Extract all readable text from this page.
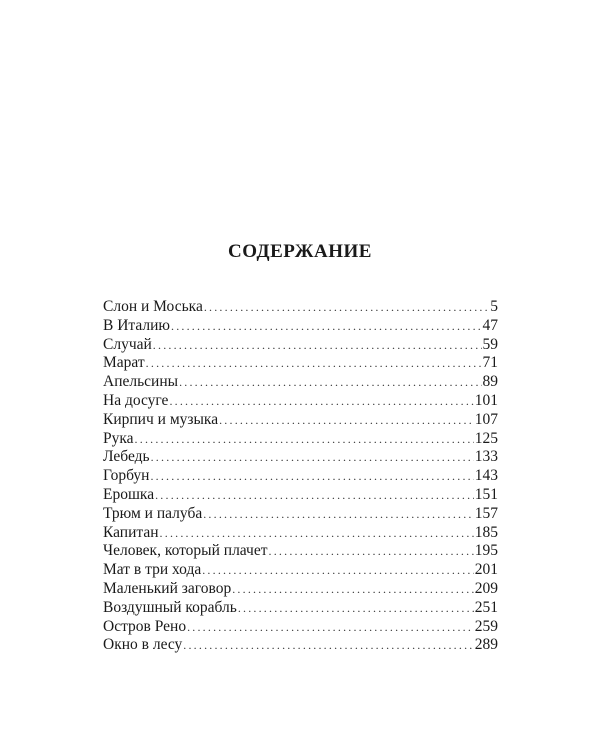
СОДЕРЖАНИЕ
Слон и Моська .....	5
В Италию .....	47
Случай .....	59
Марат .....	71
Апельсины .....	89
На досуге .....	101
Кирпич и музыка .....	107
Рука .....	125
Лебедь .....	133
Горбун .....	143
Ерошка .....	151
Трюм и палуба .....	157
Капитан .....	185
Человек, который плачет .....	195
Мат в три хода .....	201
Маленький заговор .....	209
Воздушный корабль .....	251
Остров Рено .....	259
Окно в лесу .....	289
